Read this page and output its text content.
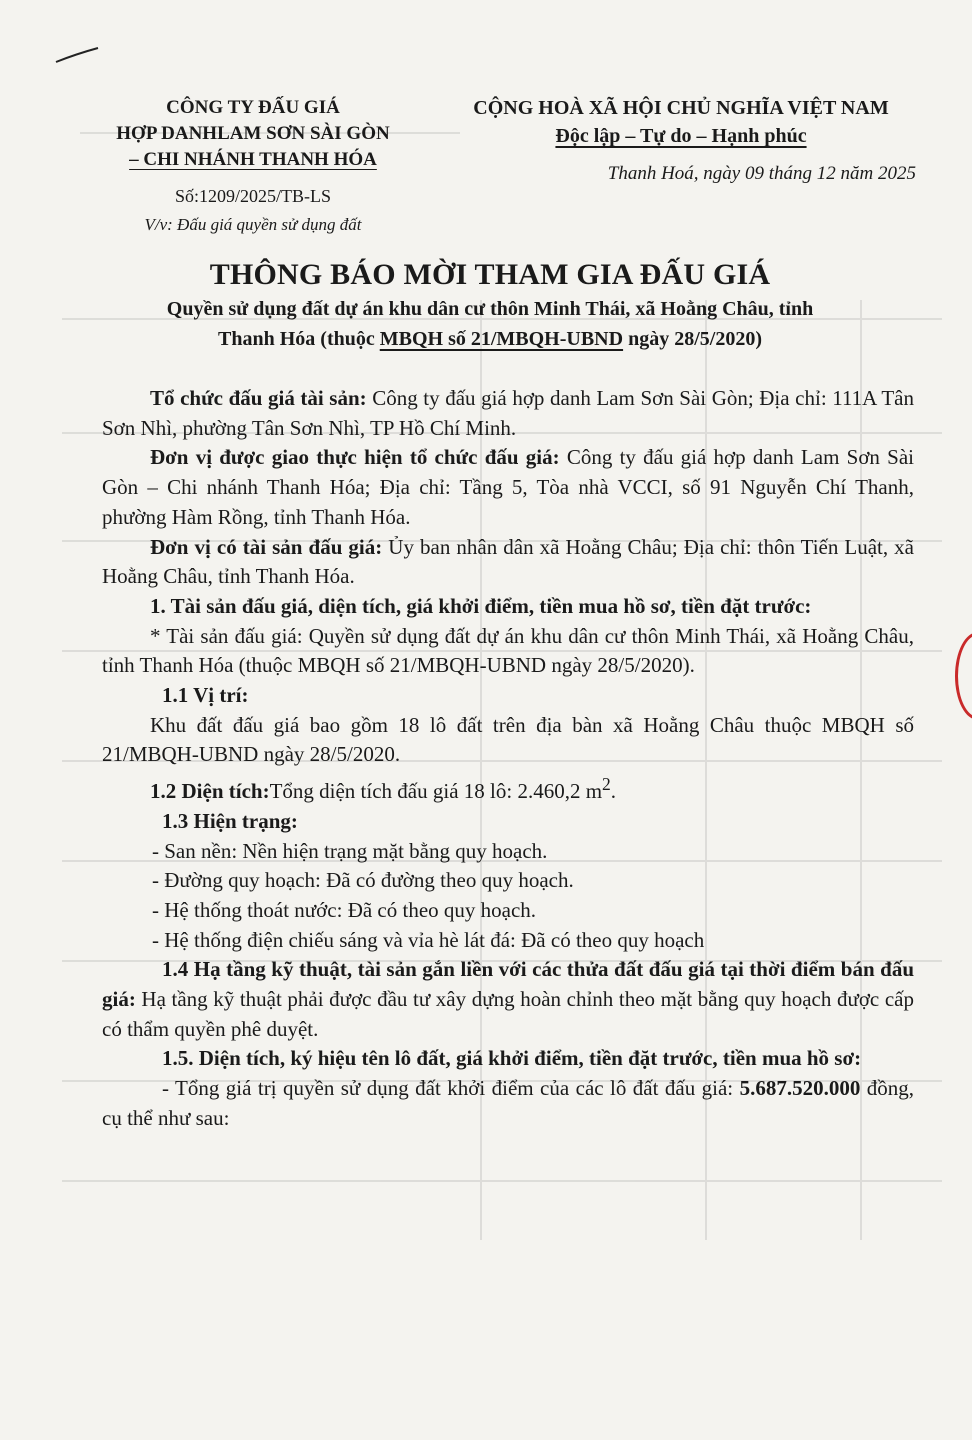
CÔNG TY ĐẤU GIÁ
HỢP DANHLAM SƠN SÀI GÒN
– CHI NHÁNH THANH HÓA
Số:1209/2025/TB-LS
V/v: Đấu giá quyền sử dụng đất
CỘNG HOÀ XÃ HỘI CHỦ NGHĨA VIỆT NAM
Độc lập – Tự do – Hạnh phúc
Thanh Hoá, ngày 09 tháng 12 năm 2025
THÔNG BÁO MỜI THAM GIA ĐẤU GIÁ
Quyền sử dụng đất dự án khu dân cư thôn Minh Thái, xã Hoằng Châu, tỉnh
Thanh Hóa (thuộc MBQH số 21/MBQH-UBND ngày 28/5/2020)

Tổ chức đấu giá tài sản: Công ty đấu giá hợp danh Lam Sơn Sài Gòn; Địa chỉ: 111A Tân Sơn Nhì, phường Tân Sơn Nhì, TP Hồ Chí Minh.

Đơn vị được giao thực hiện tổ chức đấu giá: Công ty đấu giá hợp danh Lam Sơn Sài Gòn – Chi nhánh Thanh Hóa; Địa chỉ: Tầng 5, Tòa nhà VCCI, số 91 Nguyễn Chí Thanh, phường Hàm Rồng, tỉnh Thanh Hóa.

Đơn vị có tài sản đấu giá: Ủy ban nhân dân xã Hoằng Châu; Địa chỉ: thôn Tiến Luật, xã Hoằng Châu, tỉnh Thanh Hóa.

1. Tài sản đấu giá, diện tích, giá khởi điểm, tiền mua hồ sơ, tiền đặt trước:

* Tài sản đấu giá: Quyền sử dụng đất dự án khu dân cư thôn Minh Thái, xã Hoằng Châu, tỉnh Thanh Hóa (thuộc MBQH số 21/MBQH-UBND ngày 28/5/2020).

1.1 Vị trí:

Khu đất đấu giá bao gồm 18 lô đất trên địa bàn xã Hoằng Châu thuộc MBQH số 21/MBQH-UBND ngày 28/5/2020.

1.2 Diện tích:Tổng diện tích đấu giá 18 lô: 2.460,2 $m^2$.

1.3 Hiện trạng:

- San nền: Nền hiện trạng mặt bằng quy hoạch.

- Đường quy hoạch: Đã có đường theo quy hoạch.

- Hệ thống thoát nước: Đã có theo quy hoạch.

- Hệ thống điện chiếu sáng và vỉa hè lát đá: Đã có theo quy hoạch

1.4 Hạ tầng kỹ thuật, tài sản gắn liền với các thửa đất đấu giá tại thời điểm bán đấu giá: Hạ tầng kỹ thuật phải được đầu tư xây dựng hoàn chỉnh theo mặt bằng quy hoạch được cấp có thẩm quyền phê duyệt.

1.5. Diện tích, ký hiệu tên lô đất, giá khởi điểm, tiền đặt trước, tiền mua hồ sơ:

- Tổng giá trị quyền sử dụng đất khởi điểm của các lô đất đấu giá: 5.687.520.000 đồng, cụ thể như sau:
